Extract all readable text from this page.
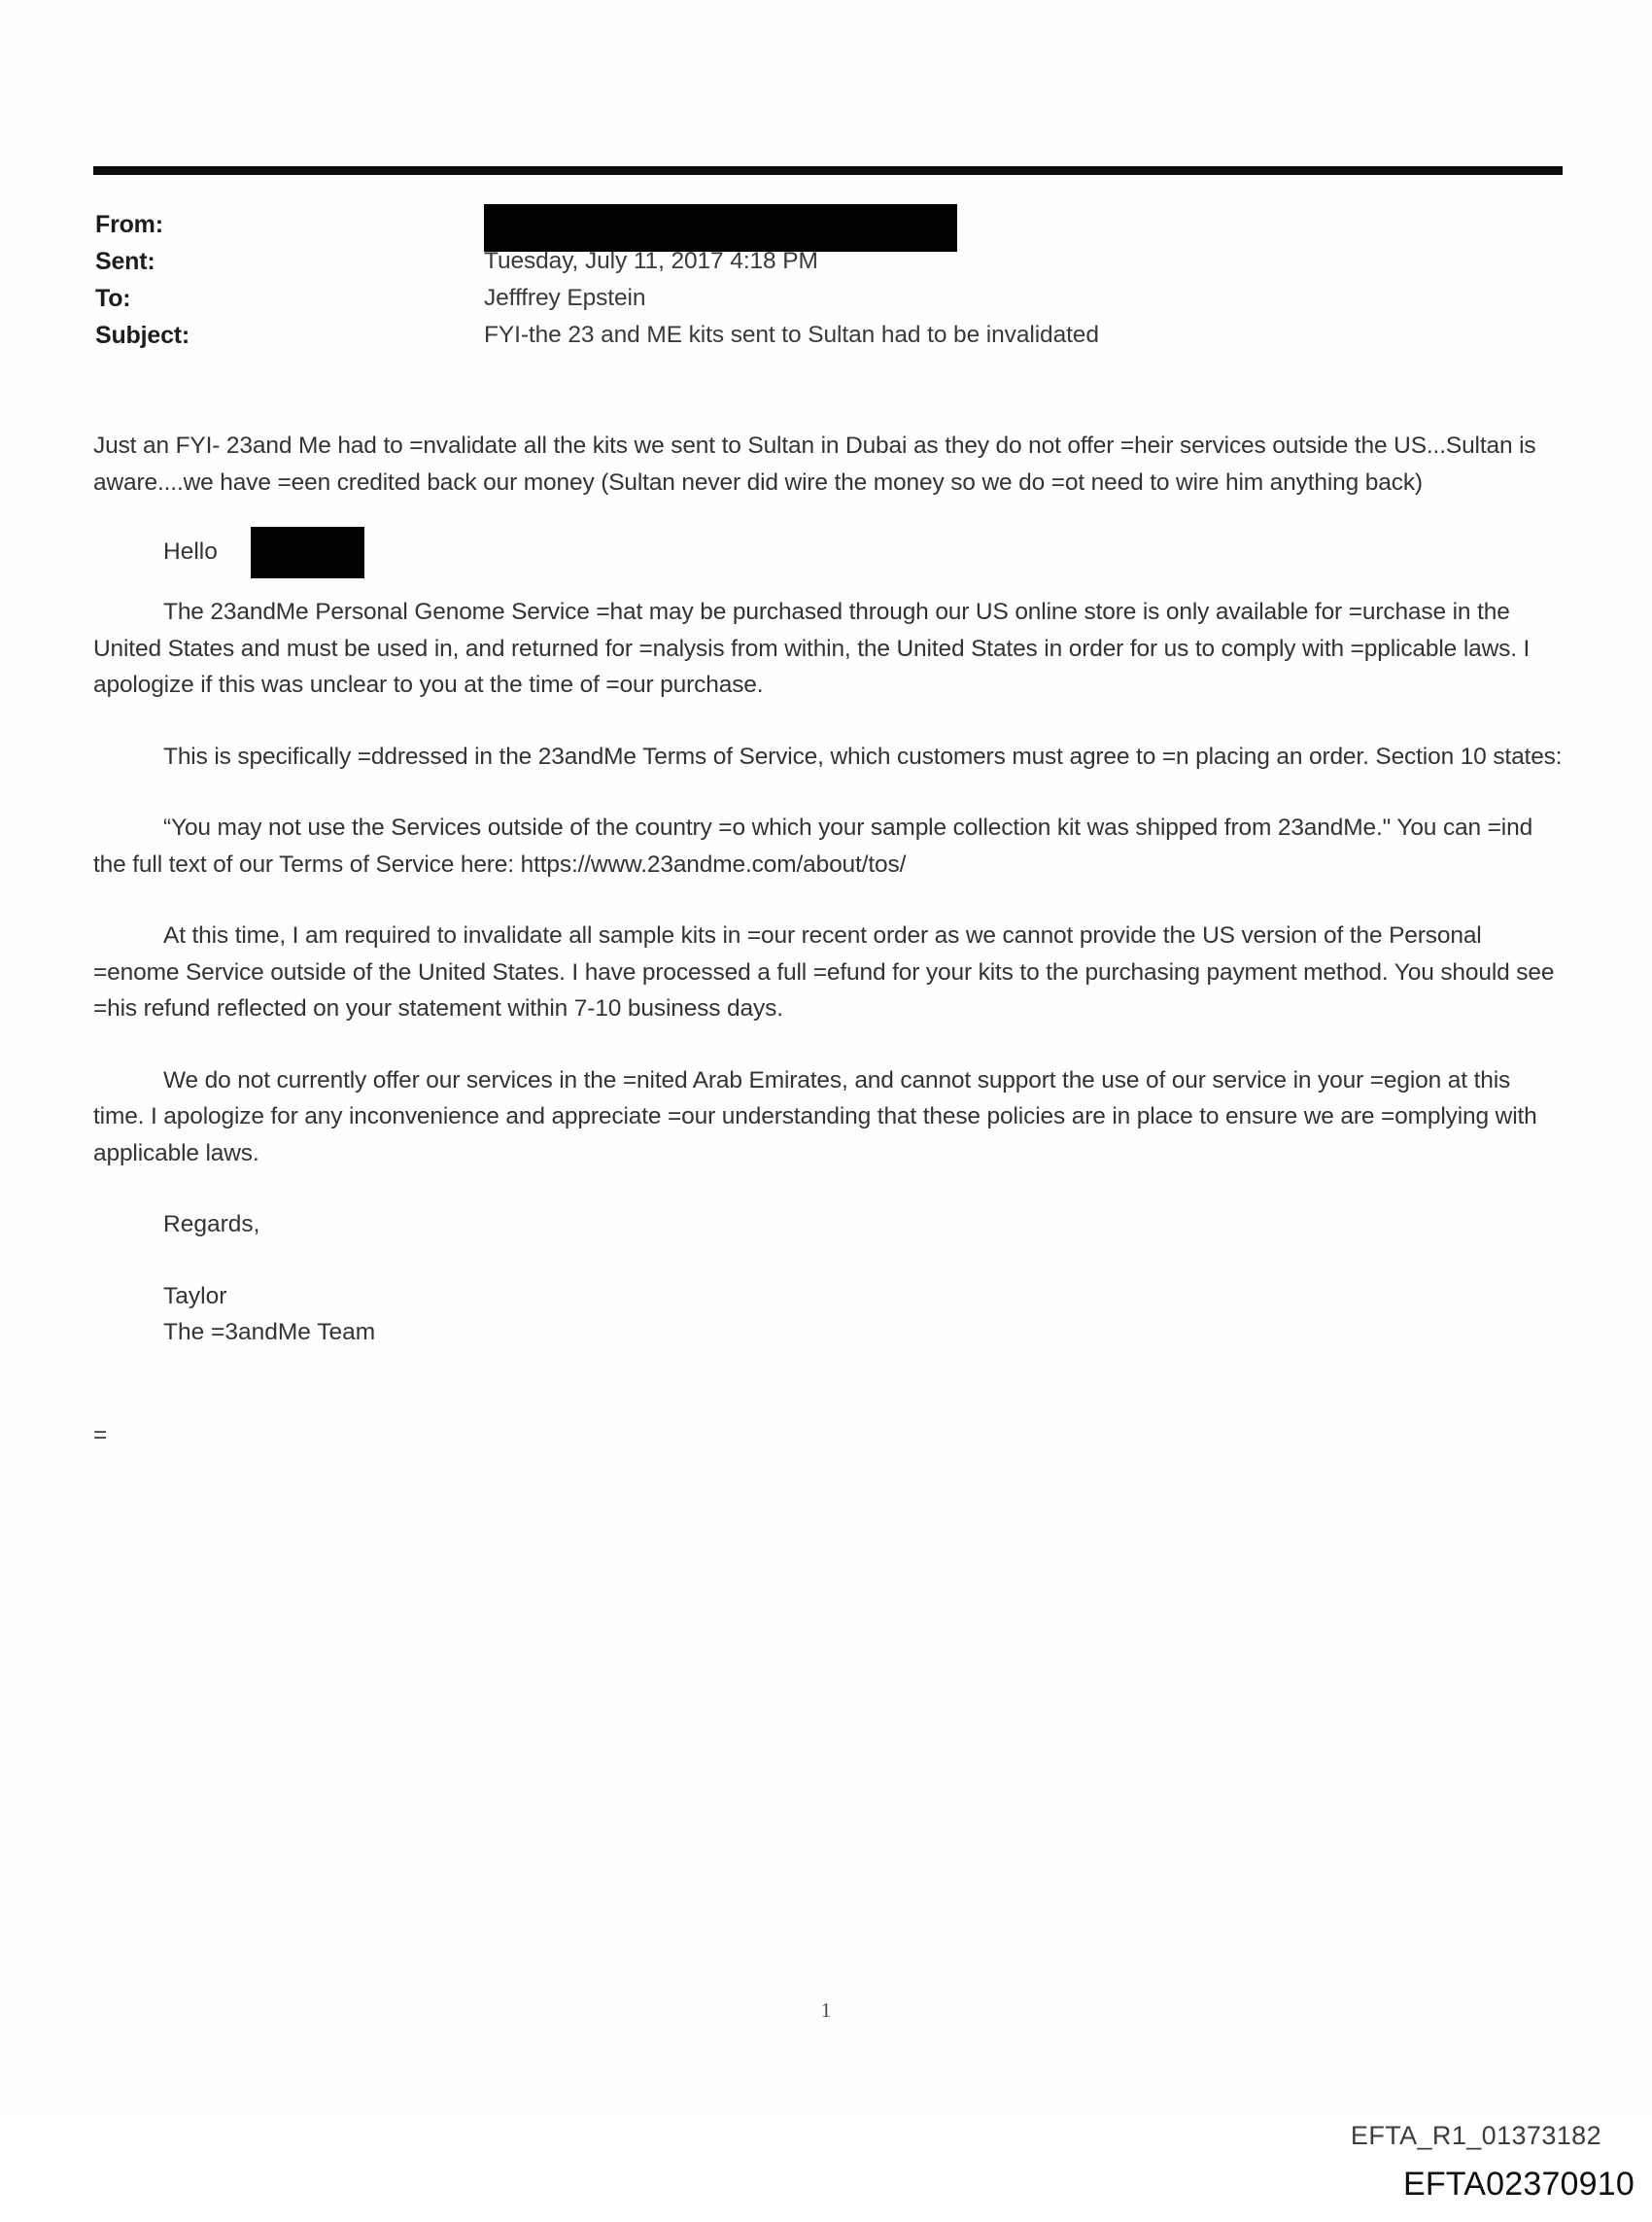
From:
Sent:	Tuesday, July 11, 2017 4:18 PM
To:	Jefffrey Epstein
Subject:	FYI-the 23 and ME kits sent to Sultan had to be invalidated

Just an FYI- 23and Me had to =nvalidate all the kits we sent to Sultan in Dubai as they do not offer =heir services outside the US...Sultan is aware....we have =een credited back our money (Sultan never did wire the money so we do =ot need to wire him anything back)

Hello

The 23andMe Personal Genome Service =hat may be purchased through our US online store is only available for =urchase in the United States and must be used in, and returned for =nalysis from within, the United States in order for us to comply with =pplicable laws. I apologize if this was unclear to you at the time of =our purchase.

This is specifically =ddressed in the 23andMe Terms of Service, which customers must agree to =n placing an order. Section 10 states:

“You may not use the Services outside of the country =o which your sample collection kit was shipped from 23andMe." You can =ind the full text of our Terms of Service here: https://www.23andme.com/about/tos/

At this time, I am required to invalidate all sample kits in =our recent order as we cannot provide the US version of the Personal =enome Service outside of the United States. I have processed a full =efund for your kits to the purchasing payment method. You should see =his refund reflected on your statement within 7-10 business days.

We do not currently offer our services in the =nited Arab Emirates, and cannot support the use of our service in your =egion at this time. I apologize for any inconvenience and appreciate =our understanding that these policies are in place to ensure we are =omplying with applicable laws.

Regards,
Taylor
The =3andMe Team
=
1
EFTA_R1_01373182
EFTA02370910
